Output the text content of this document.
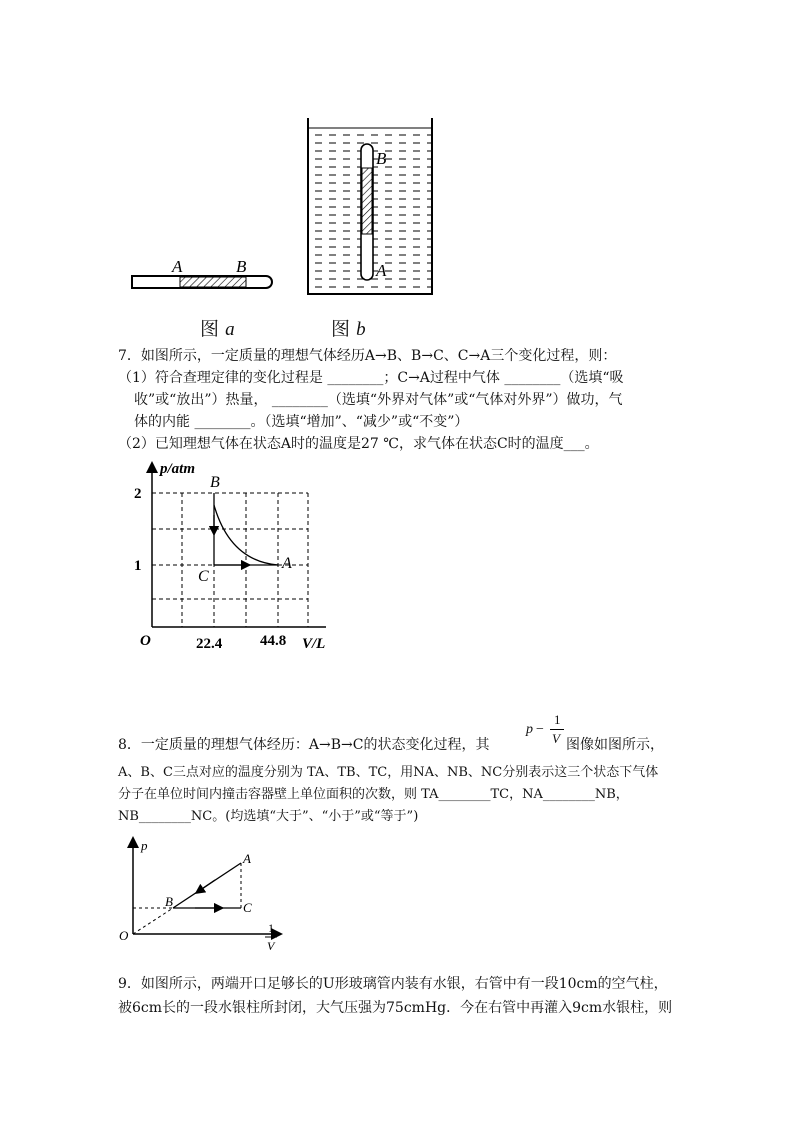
A	B
B
A
图 a	图 b
7．如图所示，一定质量的理想气体经历A→B、B→C、C→A三个变化过程，则：
（1）符合查理定律的变化过程是 ________；C→A过程中气体 ________（选填“吸
收”或“放出”）热量， ________（选填“外界对气体”或“气体对外界”）做功，气
体的内能 ________。（选填“增加”、“减少”或“不变”）
（2）已知理想气体在状态A时的温度是27 ℃，求气体在状态C时的温度___。
p/atm
2
1
O	22.4	44.8 V/L
B
A
C
8．一定质量的理想气体经历：A→B→C的状态变化过程，其
p −
1
V 图像如图所示，
A、B、C三点对应的温度分别为 TA、TB、TC，用NA、NB、NC分别表示这三个状态下气体
分子在单位时间内撞击容器壁上单位面积的次数，则 TA________TC，NA________NB，
NB________NC。(均选填“大于”、“小于”或“等于”)
p
O
A
B	C
1
V
9．如图所示，两端开口足够长的U形玻璃管内装有水银，右管中有一段10cm的空气柱，
被6cm长的一段水银柱所封闭，大气压强为75cmHg．今在右管中再灌入9cm水银柱，则
